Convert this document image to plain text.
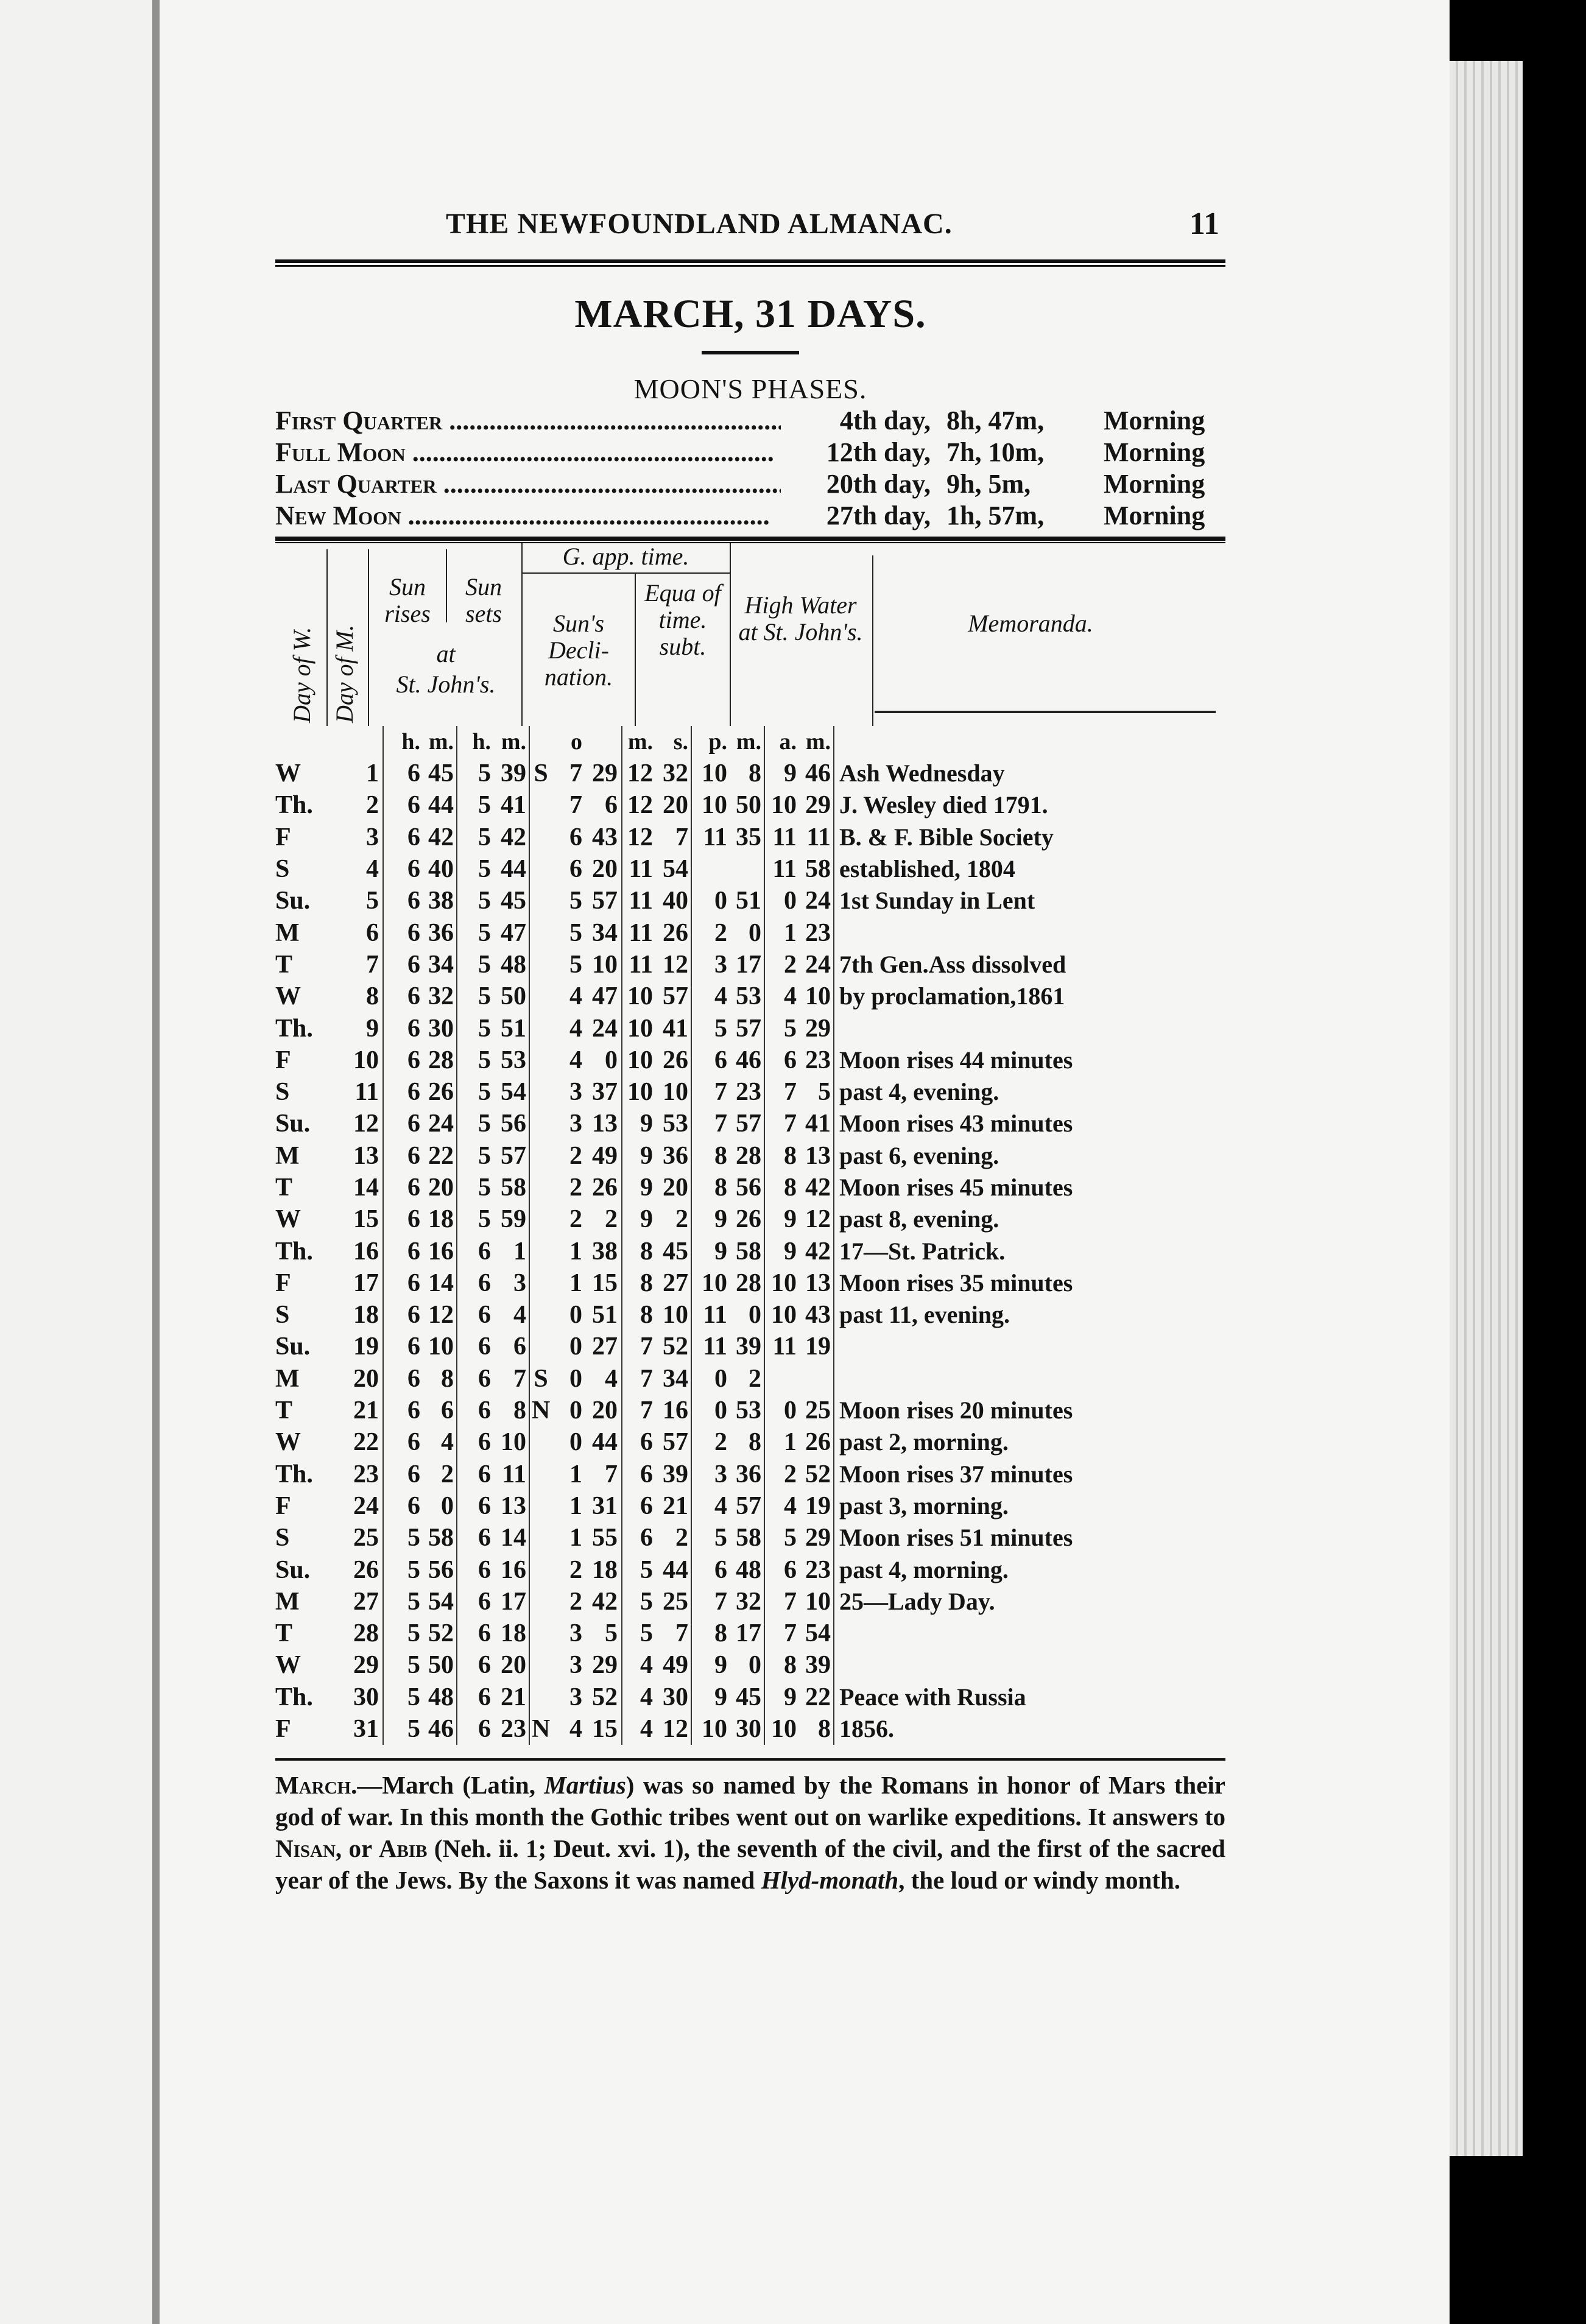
THE NEWFOUNDLAND ALMANAC.	11
MARCH, 31 DAYS.
MOON'S PHASES.
First Quarter .....	4th day, 8h, 47m,	Morning
Full Moon .....	12th day, 7h, 10m,	Morning
Last Quarter .....	20th day, 9h, 5m,	Morning
New Moon .....	27th day, 1h, 57m,	Morning
Day of W. Day of M.
Sun rises
Sun sets
at
St. John's.
G. app. time.
Sun's Decli- nation.
Equa of time. subt.
High Water at St. John's.	Memoranda.
		h.	m.	h.	m.		o		m.	s.	p.	m.	a.	m.	
W	1	6	45	5	39	S	7	29	12	32	10	8	9	46	Ash Wednesday
Th.	2	6	44	5	41		7	6	12	20	10	50	10	29	J. Wesley died 1791.
F	3	6	42	5	42		6	43	12	7	11	35	11	11	B. & F. Bible Society
S	4	6	40	5	44		6	20	11	54			11	58	established, 1804
Su.	5	6	38	5	45		5	57	11	40	0	51	0	24	1st Sunday in Lent
M	6	6	36	5	47		5	34	11	26	2	0	1	23	
T	7	6	34	5	48		5	10	11	12	3	17	2	24	7th Gen.Ass dissolved
W	8	6	32	5	50		4	47	10	57	4	53	4	10	by proclamation,1861
Th.	9	6	30	5	51		4	24	10	41	5	57	5	29	
F	10	6	28	5	53		4	0	10	26	6	46	6	23	Moon rises 44 minutes
S	11	6	26	5	54		3	37	10	10	7	23	7	5	past 4, evening.
Su.	12	6	24	5	56		3	13	9	53	7	57	7	41	Moon rises 43 minutes
M	13	6	22	5	57		2	49	9	36	8	28	8	13	past 6, evening.
T	14	6	20	5	58		2	26	9	20	8	56	8	42	Moon rises 45 minutes
W	15	6	18	5	59		2	2	9	2	9	26	9	12	past 8, evening.
Th.	16	6	16	6	1		1	38	8	45	9	58	9	42	17—St. Patrick.
F	17	6	14	6	3		1	15	8	27	10	28	10	13	Moon rises 35 minutes
S	18	6	12	6	4		0	51	8	10	11	0	10	43	past 11, evening.
Su.	19	6	10	6	6		0	27	7	52	11	39	11	19	
M	20	6	8	6	7	S	0	4	7	34	0	2			
T	21	6	6	6	8	N	0	20	7	16	0	53	0	25	Moon rises 20 minutes
W	22	6	4	6	10		0	44	6	57	2	8	1	26	past 2, morning.
Th.	23	6	2	6	11		1	7	6	39	3	36	2	52	Moon rises 37 minutes
F	24	6	0	6	13		1	31	6	21	4	57	4	19	past 3, morning.
S	25	5	58	6	14		1	55	6	2	5	58	5	29	Moon rises 51 minutes
Su.	26	5	56	6	16		2	18	5	44	6	48	6	23	past 4, morning.
M	27	5	54	6	17		2	42	5	25	7	32	7	10	25—Lady Day.
T	28	5	52	6	18		3	5	5	7	8	17	7	54	
W	29	5	50	6	20		3	29	4	49	9	0	8	39	
Th.	30	5	48	6	21		3	52	4	30	9	45	9	22	Peace with Russia
F	31	5	46	6	23	N	4	15	4	12	10	30	10	8	1856.
March.—March (Latin, Martius) was so named by the Romans in honor of Mars their god of war. In this month the Gothic tribes went out on warlike expeditions. It answers to Nisan, or Abib (Neh. ii. 1; Deut. xvi. 1), the seventh of the civil, and the first of the sacred year of the Jews. By the Saxons it was named Hlyd-monath, the loud or windy month.
